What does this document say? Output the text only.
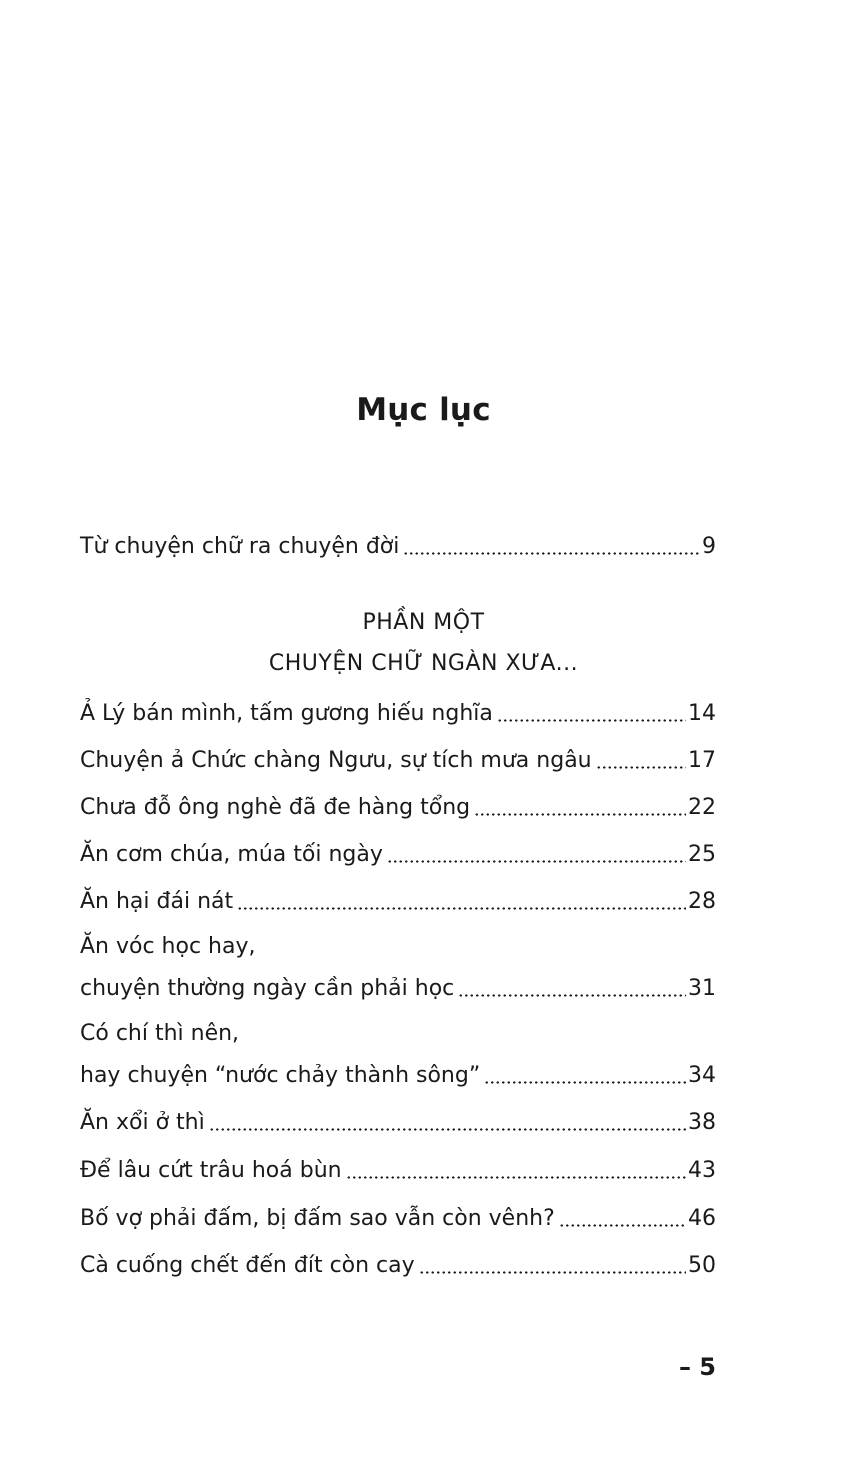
Mục lục
Từ chuyện chữ ra chuyện đời	9
PHẦN MỘT
CHUYỆN CHỮ NGÀN XƯA...
Ả Lý bán mình, tấm gương hiếu nghĩa	14
Chuyện ả Chức chàng Ngưu, sự tích mưa ngâu	17
Chưa đỗ ông nghè đã đe hàng tổng	22
Ăn cơm chúa, múa tối ngày	25
Ăn hại đái nát	28
Ăn vóc học hay,
chuyện thường ngày cần phải học	31
Có chí thì nên,
hay chuyện “nước chảy thành sông”	34
Ăn xổi ở thì	38
Để lâu cứt trâu hoá bùn	43
Bố vợ phải đấm, bị đấm sao vẫn còn vênh?	46
Cà cuống chết đến đít còn cay	50
– 5
